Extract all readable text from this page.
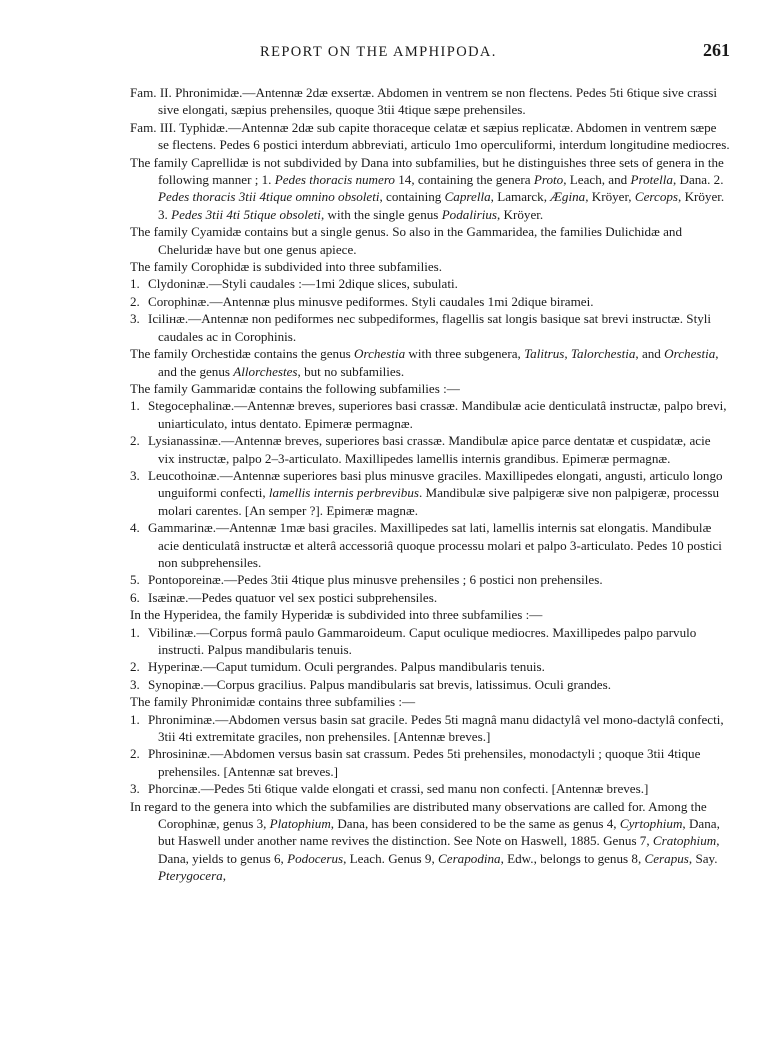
REPORT ON THE AMPHIPODA.	261

Fam. II. Phronimidæ.—Antennæ 2dæ exsertæ. Abdomen in ventrem se non flectens. Pedes 5ti 6tique sive crassi sive elongati, sæpius prehensiles, quoque 3tii 4tique sæpe prehensiles.

Fam. III. Typhidæ.—Antennæ 2dæ sub capite thoraceque celatæ et sæpius replicatæ. Abdomen in ventrem sæpe se flectens. Pedes 6 postici interdum abbreviati, articulo 1mo operculiformi, interdum longitudine mediocres.

The family Caprellidæ is not subdivided by Dana into subfamilies, but he distinguishes three sets of genera in the following manner ; 1. Pedes thoracis numero 14, containing the genera Proto, Leach, and Protella, Dana. 2. Pedes thoracis 3tii 4tique omnino obsoleti, containing Caprella, Lamarck, Ægina, Kröyer, Cercops, Kröyer. 3. Pedes 3tii 4ti 5tique obsoleti, with the single genus Podalirius, Kröyer.

The family Cyamidæ contains but a single genus. So also in the Gammaridea, the families Dulichidæ and Cheluridæ have but one genus apiece.

The family Corophidæ is subdivided into three subfamilies.

1. Clydoninæ.—Styli caudales :—1mi 2dique slices, subulati.

2. Corophinæ.—Antennæ plus minusve pediformes. Styli caudales 1mi 2dique biramei.

3. Iciliнæ.—Antennæ non pediformes nec subpediformes, flagellis sat longis basique sat brevi instructæ. Styli caudales ac in Corophinis.

The family Orchestidæ contains the genus Orchestia with three subgenera, Talitrus, Talorchestia, and Orchestia, and the genus Allorchestes, but no subfamilies.

The family Gammaridæ contains the following subfamilies :—

1. Stegocephalinæ.—Antennæ breves, superiores basi crassæ. Mandibulæ acie denticulatâ instructæ, palpo brevi, uniarticulato, intus dentato. Epimeræ permagnæ.

2. Lysianassinæ.—Antennæ breves, superiores basi crassæ. Mandibulæ apice parce dentatæ et cuspidatæ, acie vix instructæ, palpo 2–3-articulato. Maxillipedes lamellis internis grandibus. Epimeræ permagnæ.

3. Leucothoinæ.—Antennæ superiores basi plus minusve graciles. Maxillipedes elongati, angusti, articulo longo unguiformi confecti, lamellis internis perbrevibus. Mandibulæ sive palpigeræ sive non palpigeræ, processu molari carentes. [An semper ?]. Epimeræ magnæ.

4. Gammarinæ.—Antennæ 1mæ basi graciles. Maxillipedes sat lati, lamellis internis sat elongatis. Mandibulæ acie denticulatâ instructæ et alterâ accessoriâ quoque processu molari et palpo 3-articulato. Pedes 10 postici non subprehensiles.

5. Pontoporeinæ.—Pedes 3tii 4tique plus minusve prehensiles ; 6 postici non prehensiles.

6. Isæinæ.—Pedes quatuor vel sex postici subprehensiles.

In the Hyperidea, the family Hyperidæ is subdivided into three subfamilies :—

1. Vibilinæ.—Corpus formâ paulo Gammaroideum. Caput oculique mediocres. Maxillipedes palpo parvulo instructi. Palpus mandibularis tenuis.

2. Hyperinæ.—Caput tumidum. Oculi pergrandes. Palpus mandibularis tenuis.

3. Synopinæ.—Corpus gracilius. Palpus mandibularis sat brevis, latissimus. Oculi grandes.

The family Phronimidæ contains three subfamilies :—

1. Phroniminæ.—Abdomen versus basin sat gracile. Pedes 5ti magnâ manu didactylâ vel mono-dactylâ confecti, 3tii 4ti extremitate graciles, non prehensiles. [Antennæ breves.]

2. Phrosininæ.—Abdomen versus basin sat crassum. Pedes 5ti prehensiles, monodactyli ; quoque 3tii 4tique prehensiles. [Antennæ sat breves.]

3. Phorcinæ.—Pedes 5ti 6tique valde elongati et crassi, sed manu non confecti. [Antennæ breves.]

In regard to the genera into which the subfamilies are distributed many observations are called for. Among the Corophinæ, genus 3, Platophium, Dana, has been considered to be the same as genus 4, Cyrtophium, Dana, but Haswell under another name revives the distinction. See Note on Haswell, 1885. Genus 7, Cratophium, Dana, yields to genus 6, Podocerus, Leach. Genus 9, Cerapodina, Edw., belongs to genus 8, Cerapus, Say. Pterygocera,
